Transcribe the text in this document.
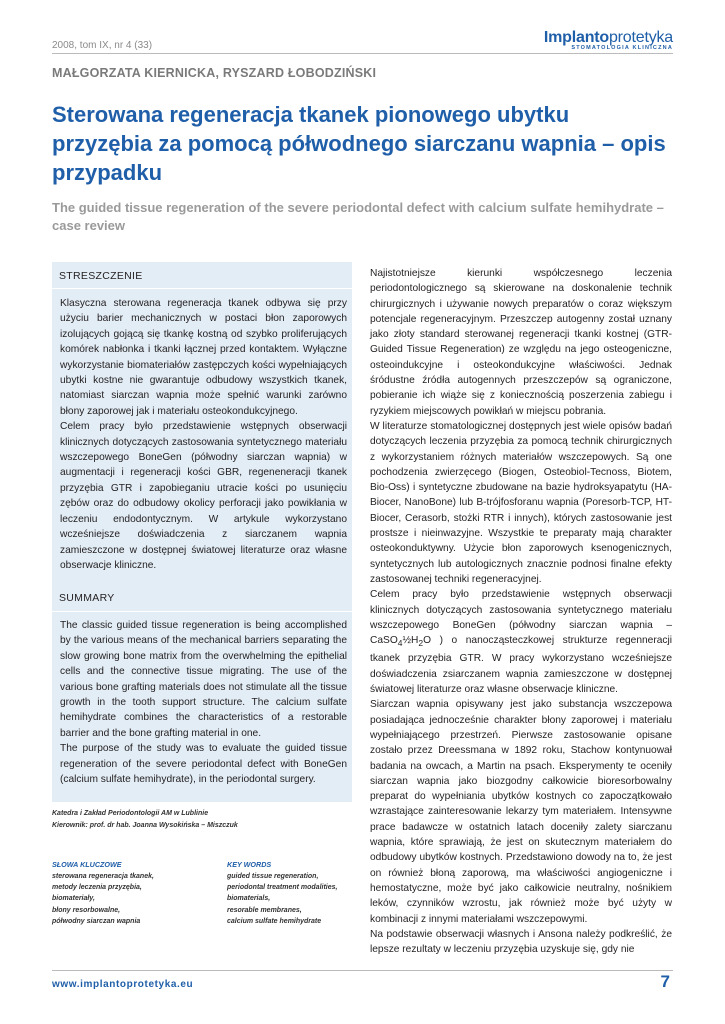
2008, tom IX, nr 4 (33)	Implantoprotetyka
STOMATOLOGIA KLINICZNA
MAŁGORZATA KIERNICKA, RYSZARD ŁOBODZIŃSKI
Sterowana regeneracja tkanek pionowego ubytku przyzębia za pomocą półwodnego siarczanu wapnia – opis przypadku
The guided tissue regeneration of the severe periodontal defect with calcium sulfate hemihydrate – case review
STRESZCZENIE

Klasyczna sterowana regeneracja tkanek odbywa się przy użyciu barier mechanicznych w postaci błon zaporowych izolujących gojącą się tkankę kostną od szybko proliferujących komórek nabłonka i tkanki łącznej przed kontaktem. Wyłączne wykorzystanie biomateriałów zastępczych kości wypełniających ubytki kostne nie gwarantuje odbudowy wszystkich tkanek, natomiast siarczan wapnia może spełnić warunki zarówno błony zaporowej jak i materiału osteokondukcyjnego.

Celem pracy było przedstawienie wstępnych obserwacji klinicznych dotyczących zastosowania syntetycznego materiału wszczepowego BoneGen (półwodny siarczan wapnia) w augmentacji i regeneracji kości GBR, regeneneracji tkanek przyzębia GTR i zapobieganiu utracie kości po usunięciu zębów oraz do odbudowy okolicy perforacji jako powikłania w leczeniu endodontycznym. W artykule wykorzystano wcześniejsze doświadczenia z siarczanem wapnia zamieszczone w dostępnej światowej literaturze oraz własne obserwacje kliniczne.

SUMMARY

The classic guided tissue regeneration is being accomplished by the various means of the mechanical barriers separating the slow growing bone matrix from the overwhelming the epithelial cells and the connective tissue migrating. The use of the various bone grafting materials does not stimulate all the tissue growth in the tooth support structure. The calcium sulfate hemihydrate combines the characteristics of a restorable barrier and the bone grafting material in one.

The purpose of the study was to evaluate the guided tissue regeneration of the severe periodontal defect with BoneGen (calcium sulfate hemihydrate), in the periodontal surgery.

Katedra i Zakład Periodontologii AM w Lublinie
Kierownik: prof. dr hab. Joanna Wysokińska – Miszczuk
SŁOWA KLUCZOWE
sterowana regeneracja tkanek,
metody leczenia przyzębia,
biomateriały,
błony resorbowalne,
półwodny siarczan wapnia
KEY WORDS
guided tissue regeneration,
periodontal treatment modalities,
biomaterials,
resorable membranes,
calcium sulfate hemihydrate

Najistotniejsze kierunki współczesnego leczenia periodontologicznego są skierowane na doskonalenie technik chirurgicznych i używanie nowych preparatów o coraz większym potencjale regeneracyjnym. Przeszczep autogenny został uznany jako złoty standard sterowanej regeneracji tkanki kostnej (GTR- Guided Tissue Regeneration) ze względu na jego osteogeniczne, osteoindukcyjne i osteokondukcyjne właściwości. Jednak śródustne źródła autogennych przeszczepów są ograniczone, pobieranie ich wiąże się z koniecznością poszerzenia zabiegu i ryzykiem miejscowych powikłań w miejscu pobrania.

W literaturze stomatologicznej dostępnych jest wiele opisów badań dotyczących leczenia przyzębia za pomocą technik chirurgicznych z wykorzystaniem różnych materiałów wszczepowych. Są one pochodzenia zwierzęcego (Biogen, Osteobiol-Tecnoss, Biotem, Bio-Oss) i syntetyczne zbudowane na bazie hydroksyapatytu (HA-Biocer, NanoBone) lub B-trójfosforanu wapnia (Poresorb-TCP, HT-Biocer, Cerasorb, stożki RTR i innych), których zastosowanie jest prostsze i nieinwazyjne. Wszystkie te preparaty mają charakter osteokonduktywny. Użycie błon zaporowych ksenogenicznych, syntetycznych lub autologicznych znacznie podnosi finalne efekty zastosowanej techniki regeneracyjnej.

Celem pracy było przedstawienie wstępnych obserwacji klinicznych dotyczących zastosowania syntetycznego materiału wszczepowego BoneGen (półwodny siarczan wapnia – $CaSO_4\frac{1}{2}H_2O$ ) o nanocząsteczkowej strukturze regenneracji tkanek przyzębia GTR. W pracy wykorzystano wcześniejsze doświadczenia zsiarczanem wapnia zamieszczone w dostępnej światowej literaturze oraz własne obserwacje kliniczne.

Siarczan wapnia opisywany jest jako substancja wszczepowa posiadająca jednocześnie charakter błony zaporowej i materiału wypełniającego przestrzeń. Pierwsze zastosowanie opisane zostało przez Dreessmana w 1892 roku, Stachow kontynuował badania na owcach, a Martin na psach. Eksperymenty te oceniły siarczan wapnia jako biozgodny całkowicie bioresorbowalny preparat do wypełniania ubytków kostnych co zapoczątkowało wzrastające zainteresowanie lekarzy tym materiałem. Intensywne prace badawcze w ostatnich latach doceniły zalety siarczanu wapnia, które sprawiają, że jest on skutecznym materiałem do odbudowy ubytków kostnych. Przedstawiono dowody na to, że jest on również błoną zaporową, ma właściwości angiogeniczne i hemostatyczne, może być jako całkowicie neutralny, nośnikiem leków, czynników wzrostu, jak również może być użyty w kombinacji z innymi materiałami wszczepowymi.

Na podstawie obserwacji własnych i Ansona należy podkreślić, że lepsze rezultaty w leczeniu przyzębia uzyskuje się, gdy nie

www.implantoprotetyka.eu	7
